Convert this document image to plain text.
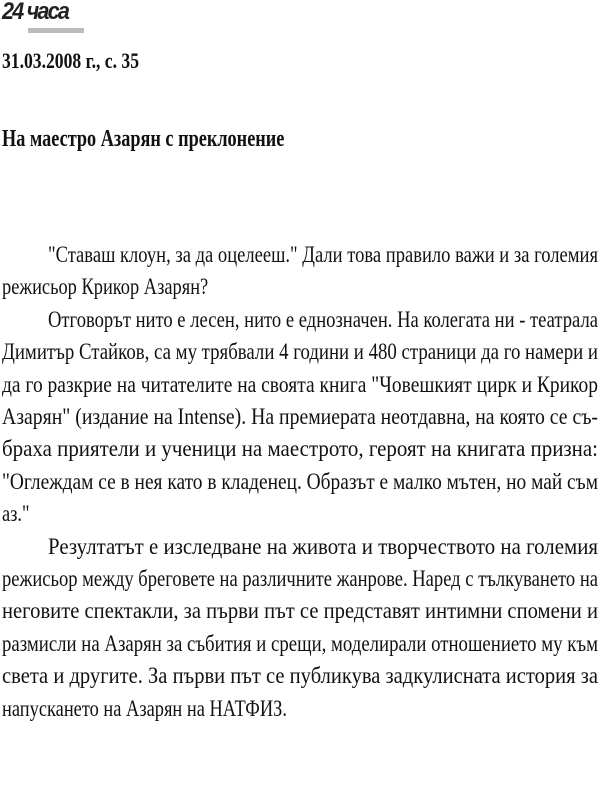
24 часа
31.03.2008 г., с. 35
На маестро Азарян с преклонение
"Ставаш клоун, за да оцелееш." Дали това правило важи и за големия
режисьор Крикор Азарян?
Отговорът нито е лесен, нито е еднозначен. На колегата ни - театрала
Димитър Стайков, са му трябвали 4 години и 480 страници да го намери и
да го разкрие на читателите на своята книга "Човешкият цирк и Крикор
Азарян" (издание на Intense). На премиерата неотдавна, на която се съ-
браха приятели и ученици на маестрото, героят на книгата призна:
"Оглеждам се в нея като в кладенец. Образът е малко мътен, но май съм
аз."
Резултатът е изследване на живота и творчеството на големия
режисьор между бреговете на различните жанрове. Наред с тълкуването на
неговите спектакли, за първи път се представят интимни спомени и
размисли на Азарян за събития и срещи, моделирали отношението му към
света и другите. За първи път се публикува задкулисната история за
напускането на Азарян на НАТФИЗ.
